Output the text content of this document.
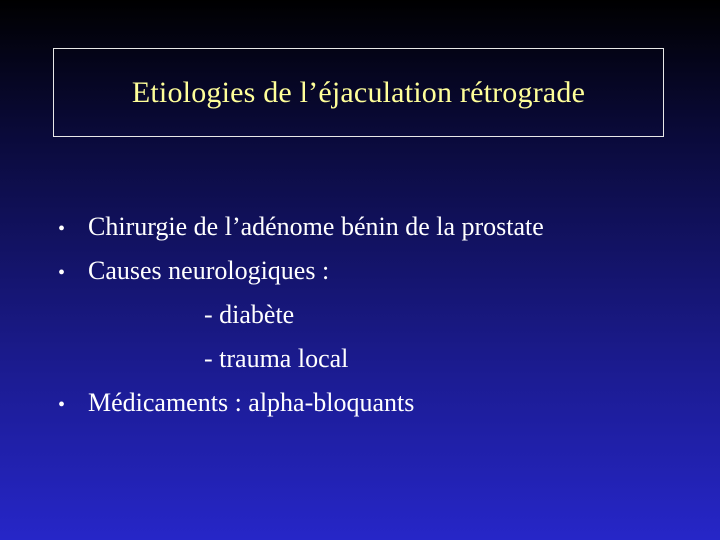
Etiologies de l’éjaculation rétrograde
• Chirurgie de l’adénome bénin de la prostate
• Causes neurologiques :
- diabète
- trauma local
• Médicaments : alpha-bloquants
